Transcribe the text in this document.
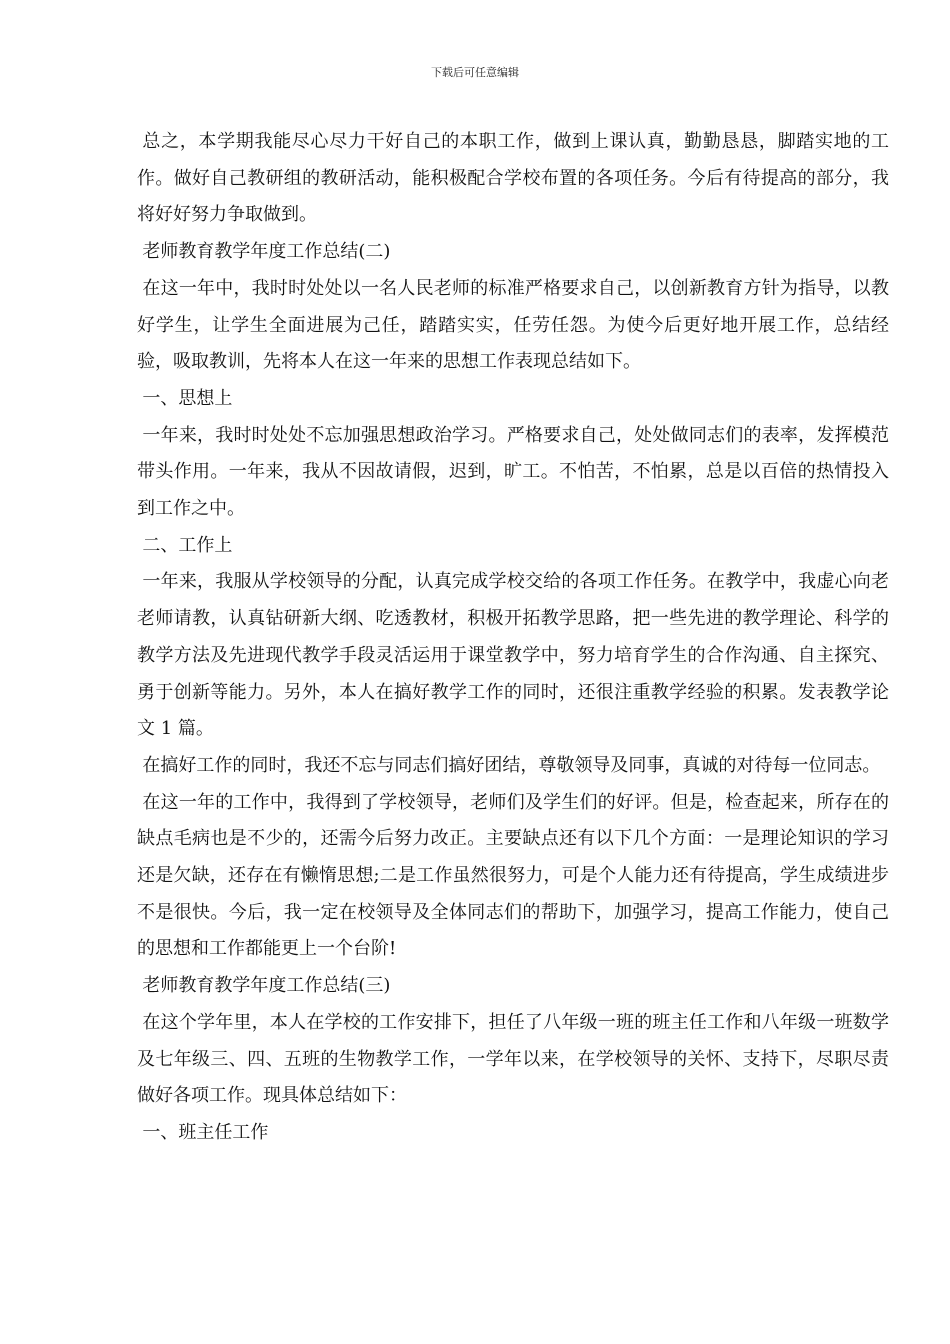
下载后可任意编辑

总之，本学期我能尽心尽力干好自己的本职工作，做到上课认真，勤勤恳恳，脚踏实地的工作。做好自己教研组的教研活动，能积极配合学校布置的各项任务。今后有待提高的部分，我将好好努力争取做到。

老师教育教学年度工作总结(二)

在这一年中，我时时处处以一名人民老师的标准严格要求自己，以创新教育方针为指导，以教好学生，让学生全面进展为己任，踏踏实实，任劳任怨。为使今后更好地开展工作，总结经验，吸取教训，先将本人在这一年来的思想工作表现总结如下。

一、思想上

一年来，我时时处处不忘加强思想政治学习。严格要求自己，处处做同志们的表率，发挥模范带头作用。一年来，我从不因故请假，迟到，旷工。不怕苦，不怕累，总是以百倍的热情投入到工作之中。

二、工作上

一年来，我服从学校领导的分配，认真完成学校交给的各项工作任务。在教学中，我虚心向老老师请教，认真钻研新大纲、吃透教材，积极开拓教学思路，把一些先进的教学理论、科学的教学方法及先进现代教学手段灵活运用于课堂教学中，努力培育学生的合作沟通、自主探究、勇于创新等能力。另外，本人在搞好教学工作的同时，还很注重教学经验的积累。发表教学论文 1 篇。

在搞好工作的同时，我还不忘与同志们搞好团结，尊敬领导及同事，真诚的对待每一位同志。

在这一年的工作中，我得到了学校领导，老师们及学生们的好评。但是，检查起来，所存在的缺点毛病也是不少的，还需今后努力改正。主要缺点还有以下几个方面：一是理论知识的学习还是欠缺，还存在有懒惰思想;二是工作虽然很努力，可是个人能力还有待提高，学生成绩进步不是很快。今后，我一定在校领导及全体同志们的帮助下，加强学习，提高工作能力，使自己的思想和工作都能更上一个台阶!

老师教育教学年度工作总结(三)

在这个学年里，本人在学校的工作安排下，担任了八年级一班的班主任工作和八年级一班数学及七年级三、四、五班的生物教学工作，一学年以来，在学校领导的关怀、支持下，尽职尽责做好各项工作。现具体总结如下：

一、班主任工作
